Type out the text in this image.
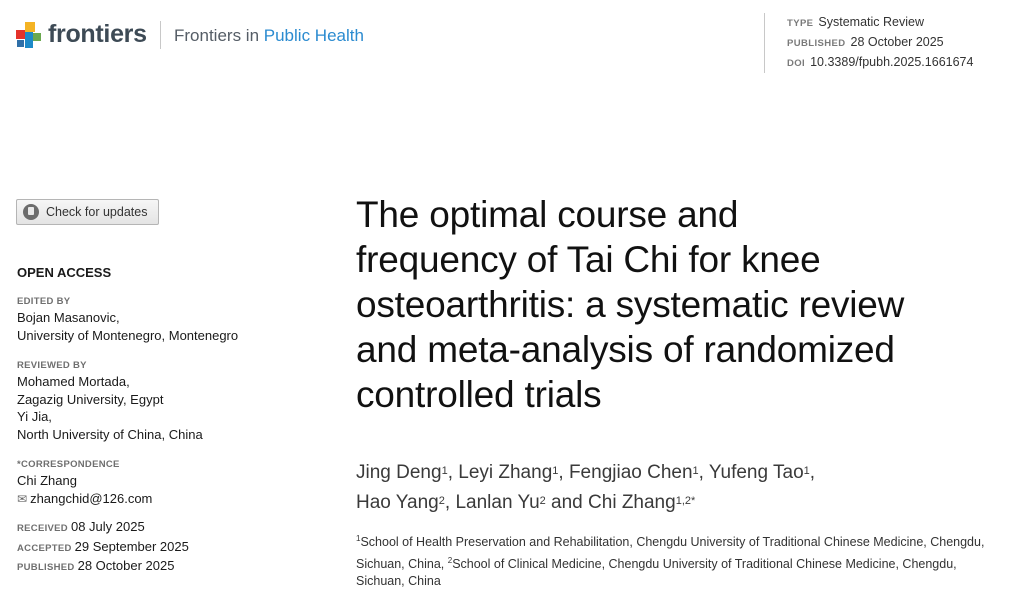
frontiers Frontiers in Public Health
TYPE Systematic Review
PUBLISHED 28 October 2025
DOI 10.3389/fpubh.2025.1661674
Check for updates
OPEN ACCESS
EDITED BY
Bojan Masanovic,
University of Montenegro, Montenegro
REVIEWED BY
Mohamed Mortada,
Zagazig University, Egypt
Yi Jia,
North University of China, China
*CORRESPONDENCE
Chi Zhang
✉ zhangchid@126.com
RECEIVED 08 July 2025
ACCEPTED 29 September 2025
PUBLISHED 28 October 2025
The optimal course and
frequency of Tai Chi for knee
osteoarthritis: a systematic review
and meta-analysis of randomized
controlled trials
Jing Deng$^1$, Leyi Zhang$^1$, Fengjiao Chen$^1$, Yufeng Tao$^1$,
Hao Yang$^2$, Lanlan Yu$^2$ and Chi Zhang$^{1,2*}$
$^1$School of Health Preservation and Rehabilitation, Chengdu University of Traditional Chinese Medicine, Chengdu, Sichuan, China, $^2$School of Clinical Medicine, Chengdu University of Traditional Chinese Medicine, Chengdu, Sichuan, China
